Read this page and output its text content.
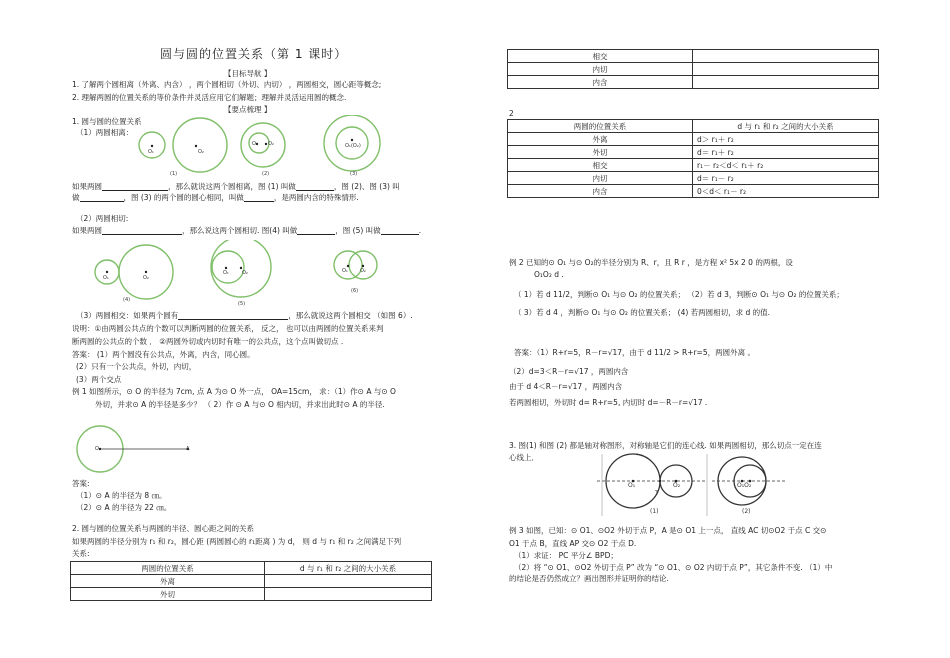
圆与圆的位置关系（第 1 课时）
【目标导航 】
1. 了解两个圆相离（外离、内含） ，两个圆相切（外切、内切） ，两圆相交，圆心距等概念;
2. 理解两圆的位置关系的等价条件并灵活应用它们解题；理解并灵活运用圆的概念.
【要点梳理 】
1. 圆与圆的位置关系
（1）两圆相离：
O₁	O₂
O₁ O₂	O₁(O₂)
(1)	(2)	(3)
如果两圆	，那么就说这两个圆相离，图 (1) 叫做	，图 (2)、图 (3) 叫
做	，图 (3) 的两个圆的圆心相同，叫做	，是两圆内含的特殊情形.
（2）两圆相切:
如果两圆	，那么说这两个圆相切. 图(4) 叫做	，图 (5) 叫做	.
O₁	O₂
O₁	O₂	O₁ O₂
(4)
(5)
(6)
（3）两圆相交：如果两个圆有	，那么就说这两个圆相交 （如图 6）.
说明：①由两圆公共点的个数可以判断两圆的位置关系， 反之， 也可以由两圆的位置关系来判
断两圆的公共点的个数 ． ②两圆外切或内切时有唯一的公共点，这个点叫做切点 .
答案： (1）两个圆没有公共点，外离，内含，同心圆。
(2）只有一个公共点，外切，内切，
(3）两个交点
例 1 如图所示，⊙ O 的半径为 7cm, 点 A 为⊙ O 外一点， OA=15cm， 求：（1）作⊙ A 与⊙ O
外切，并求⊙ A 的半径是多少？ （ 2）作 ⊙ A 与⊙ O 相内切，并求出此时⊙ A 的半径.
O	A
答案:
（1）⊙ A 的半径为 8 ㎝。
（2）⊙ A 的半径为 22 ㎝。
2. 圆与圆的位置关系与两圆的半径、圆心距之间的关系
如果两圆的半径分别为 r₁ 和 r₂，圆心距 (两圆圆心的 r₁距离 ) 为 d， 则 d 与 r₁ 和 r₂ 之间满足下列
关系:
两圆的位置关系	d 与 r₁ 和 r₂ 之间的大小关系
外离	
外切	
相交	
内切	
内含	
2
两圆的位置关系	d 与 r₁ 和 r₂ 之间的大小关系
外离	d＞ r₁＋ r₂
外切	d＝ r₁＋ r₂
相交	r₁－ r₂＜d＜ r₁＋ r₂
内切	d＝ r₁－ r₂
内含	0＜d＜ r₁－ r₂
例 2 已知的⊙ O₁ 与⊙ O₂的半径分别为 R、r，且 R r ，是方程 x² 5x 2 0 的两根，设
O₁O₂ d .
（ 1）若 d 11/2，判断⊙ O₁ 与⊙ O₂ 的位置关系； （2）若 d 3，判断⊙ O₁ 与⊙ O₂ 的位置关系；
（ 3）若 d 4 ，判断⊙ O₁ 与⊙ O₂ 的位置关系； (4) 若两圆相切，求 d 的值.
答案：（1）R+r=5，R－r=√17，由于 d 11/2 > R+r=5，两圆外离 。
（2）d=3＜R－r=√17 ，两圆内含
由于 d 4＜R－r=√17 ，两圆内含
若两圆相切，外切时 d= R+r=5, 内切时 d=－R－r=√17 .
3. 图(1) 和图 (2) 都是轴对称图形，对称轴是它们的连心线. 如果两圆相切，那么切点一定在连
心线上．
O₁	O₂
T
O₁O₂
(1)	(2)
例 3 如图，已知：⊙ O1、⊙O2 外切于点 P，A 是⊙ O1 上一点， 直线 AC 切⊙O2 于点 C 交⊙
O1 于点 B，直线 AP 交⊙ O2 于点 D.
（1）求证： PC 平分∠ BPD；
（2）将 “⊙ O1、⊙O2 外切于点 P” 改为 “⊙ O1、⊙ O2 内切于点 P”，其它条件不变. （1）中
的结论是否仍然成立？画出图形并证明你的结论.
